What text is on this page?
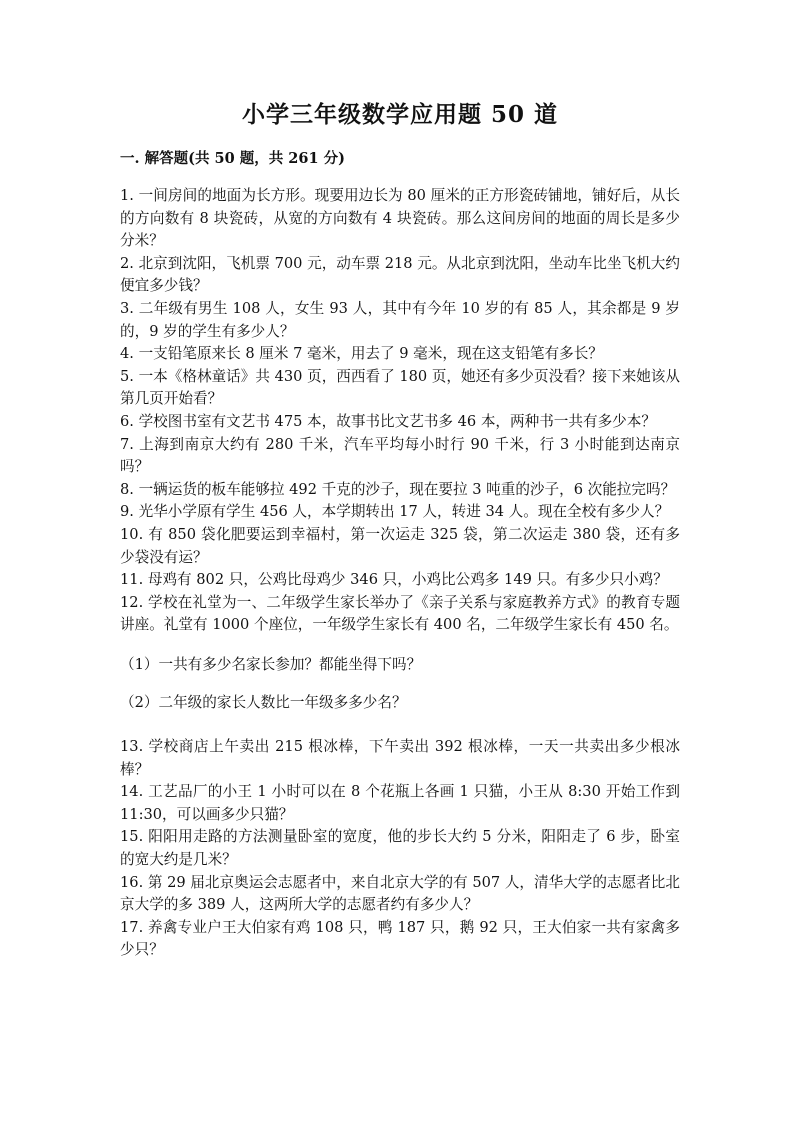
小学三年级数学应用题 50 道
一. 解答题(共 50 题，共 261 分)

1. 一间房间的地面为长方形。现要用边长为 80 厘米的正方形瓷砖铺地，铺好后，从长的方向数有 8 块瓷砖，从宽的方向数有 4 块瓷砖。那么这间房间的地面的周长是多少分米？

2. 北京到沈阳，飞机票 700 元，动车票 218 元。从北京到沈阳，坐动车比坐飞机大约便宜多少钱？

3. 二年级有男生 108 人，女生 93 人，其中有今年 10 岁的有 85 人，其余都是 9 岁的，9 岁的学生有多少人？

4. 一支铅笔原来长 8 厘米 7 毫米，用去了 9 毫米，现在这支铅笔有多长？

5. 一本《格林童话》共 430 页，西西看了 180 页，她还有多少页没看？接下来她该从第几页开始看？

6. 学校图书室有文艺书 475 本，故事书比文艺书多 46 本，两种书一共有多少本？

7. 上海到南京大约有 280 千米，汽车平均每小时行 90 千米，行 3 小时能到达南京吗？

8. 一辆运货的板车能够拉 492 千克的沙子，现在要拉 3 吨重的沙子，6 次能拉完吗？

9. 光华小学原有学生 456 人，本学期转出 17 人，转进 34 人。现在全校有多少人？

10. 有 850 袋化肥要运到幸福村，第一次运走 325 袋，第二次运走 380 袋，还有多少袋没有运？

11. 母鸡有 802 只，公鸡比母鸡少 346 只，小鸡比公鸡多 149 只。有多少只小鸡？

12. 学校在礼堂为一、二年级学生家长举办了《亲子关系与家庭教养方式》的教育专题讲座。礼堂有 1000 个座位，一年级学生家长有 400 名，二年级学生家长有 450 名。

（1）一共有多少名家长参加？都能坐得下吗？

（2）二年级的家长人数比一年级多多少名？

13. 学校商店上午卖出 215 根冰棒，下午卖出 392 根冰棒，一天一共卖出多少根冰棒？

14. 工艺品厂的小王 1 小时可以在 8 个花瓶上各画 1 只猫，小王从 8:30 开始工作到 11:30，可以画多少只猫？

15. 阳阳用走路的方法测量卧室的宽度，他的步长大约 5 分米，阳阳走了 6 步，卧室的宽大约是几米？

16. 第 29 届北京奥运会志愿者中，来自北京大学的有 507 人，清华大学的志愿者比北京大学的多 389 人，这两所大学的志愿者约有多少人？

17. 养禽专业户王大伯家有鸡 108 只，鸭 187 只，鹅 92 只，王大伯家一共有家禽多少只？
